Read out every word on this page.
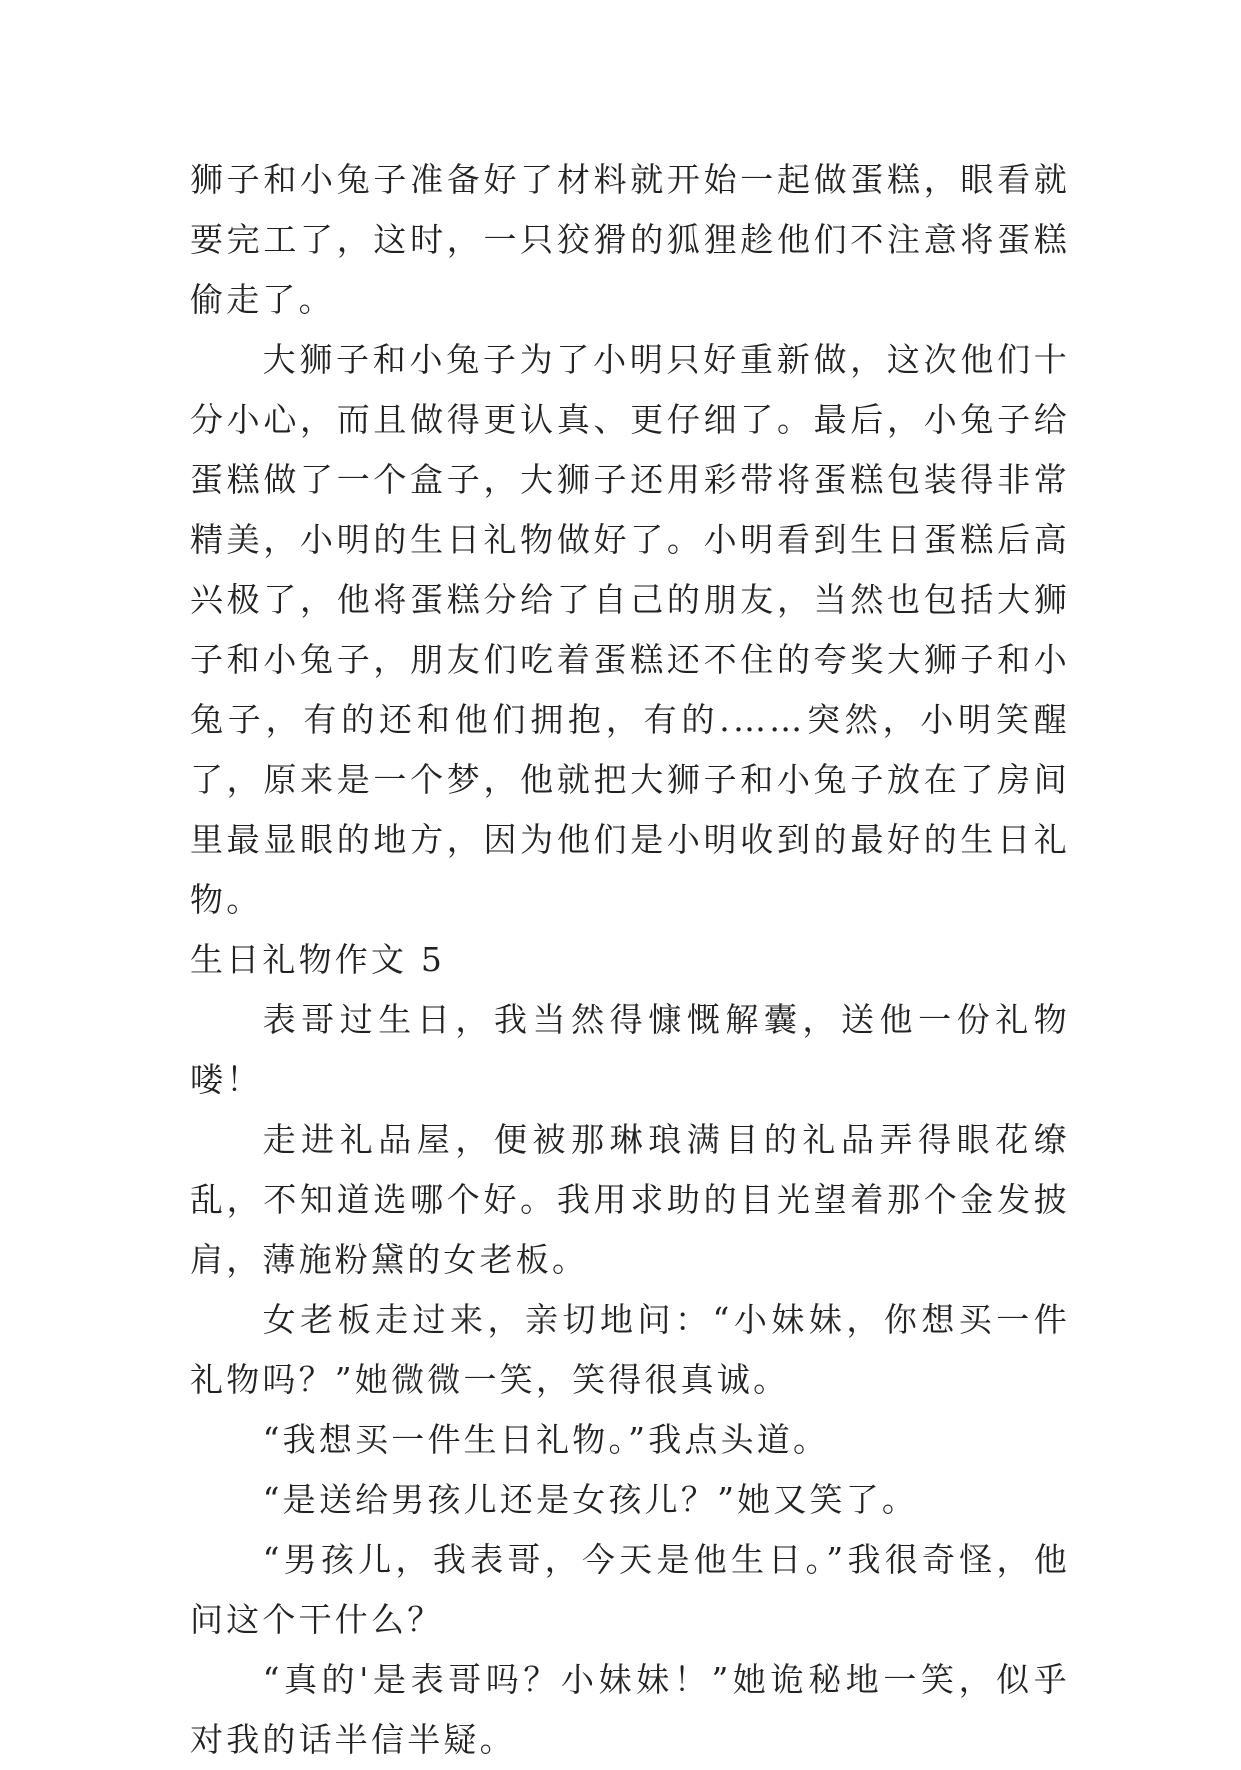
狮子和小兔子准备好了材料就开始一起做蛋糕，眼看就要完工了，这时，一只狡猾的狐狸趁他们不注意将蛋糕偷走了。

大狮子和小兔子为了小明只好重新做，这次他们十分小心，而且做得更认真、更仔细了。最后，小兔子给蛋糕做了一个盒子，大狮子还用彩带将蛋糕包装得非常精美，小明的生日礼物做好了。小明看到生日蛋糕后高兴极了，他将蛋糕分给了自己的朋友，当然也包括大狮子和小兔子，朋友们吃着蛋糕还不住的夸奖大狮子和小兔子，有的还和他们拥抱，有的.……突然，小明笑醒了，原来是一个梦，他就把大狮子和小兔子放在了房间里最显眼的地方，因为他们是小明收到的最好的生日礼物。

生日礼物作文 5

表哥过生日，我当然得慷慨解囊，送他一份礼物喽！

走进礼品屋，便被那琳琅满目的礼品弄得眼花缭乱，不知道选哪个好。我用求助的目光望着那个金发披肩，薄施粉黛的女老板。

女老板走过来，亲切地问：“小妹妹，你想买一件礼物吗？”她微微一笑，笑得很真诚。

“我想买一件生日礼物。”我点头道。

“是送给男孩儿还是女孩儿？”她又笑了。

“男孩儿，我表哥，今天是他生日。”我很奇怪，他问这个干什么？

“真的'是表哥吗？小妹妹！”她诡秘地一笑，似乎对我的话半信半疑。
